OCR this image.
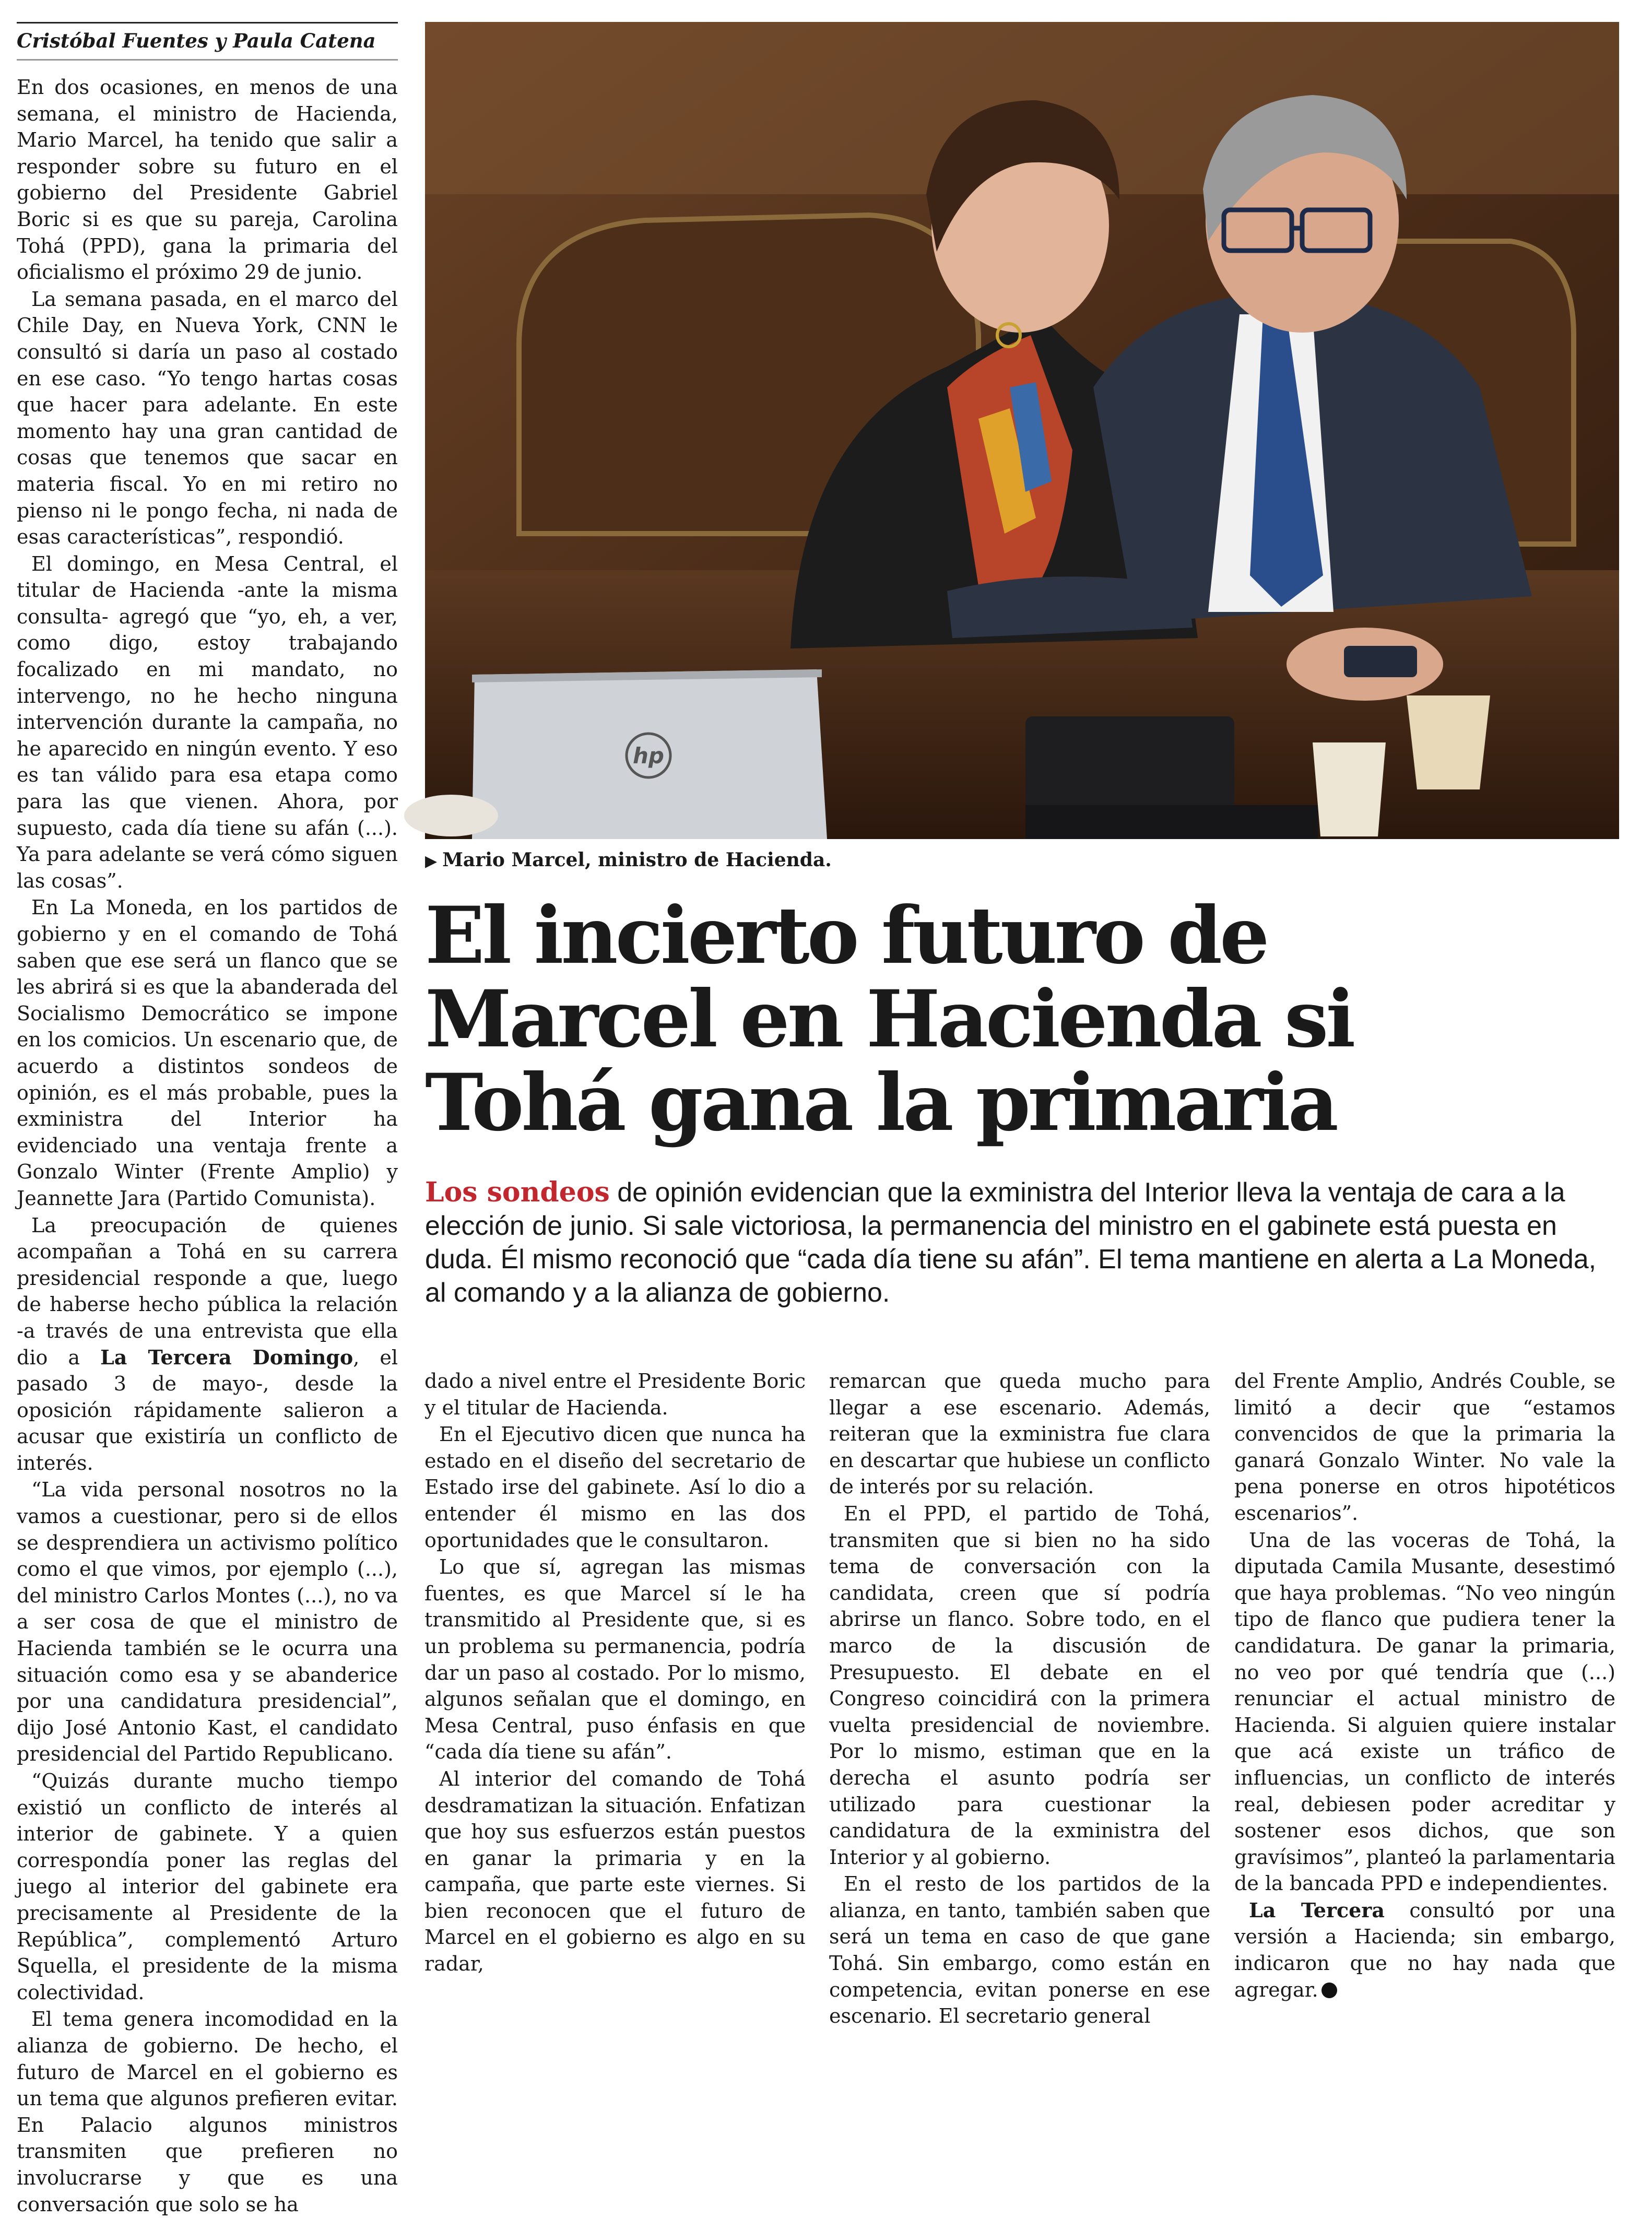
Cristóbal Fuentes y Paula Catena

En dos ocasiones, en menos de una semana, el ministro de Hacienda, Mario Marcel, ha tenido que salir a responder sobre su futuro en el gobierno del Presidente Gabriel Boric si es que su pareja, Carolina Tohá (PPD), gana la primaria del oficialismo el próximo 29 de junio.

La semana pasada, en el marco del Chile Day, en Nueva York, CNN le consultó si daría un paso al costado en ese caso. “Yo tengo hartas cosas que hacer para adelante. En este momento hay una gran cantidad de cosas que tenemos que sacar en materia fiscal. Yo en mi retiro no pienso ni le pongo fecha, ni nada de esas características”, respondió.

El domingo, en Mesa Central, el titular de Hacienda -ante la misma consulta- agregó que “yo, eh, a ver, como digo, estoy trabajando focalizado en mi mandato, no intervengo, no he hecho ninguna intervención durante la campaña, no he aparecido en ningún evento. Y eso es tan válido para esa etapa como para las que vienen. Ahora, por supuesto, cada día tiene su afán (...). Ya para adelante se verá cómo siguen las cosas”.

En La Moneda, en los partidos de gobierno y en el comando de Tohá saben que ese será un flanco que se les abrirá si es que la abanderada del Socialismo Democrático se impone en los comicios. Un escenario que, de acuerdo a distintos sondeos de opinión, es el más probable, pues la exministra del Interior ha evidenciado una ventaja frente a Gonzalo Winter (Frente Amplio) y Jeannette Jara (Partido Comunista).

La preocupación de quienes acompañan a Tohá en su carrera presidencial responde a que, luego de haberse hecho pública la relación -a través de una entrevista que ella dio a La Tercera Domingo, el pasado 3 de mayo-, desde la oposición rápidamente salieron a acusar que existiría un conflicto de interés.

“La vida personal nosotros no la vamos a cuestionar, pero si de ellos se desprendiera un activismo político como el que vimos, por ejemplo (...), del ministro Carlos Montes (...), no va a ser cosa de que el ministro de Hacienda también se le ocurra una situación como esa y se abanderice por una candidatura presidencial”, dijo José Antonio Kast, el candidato presidencial del Partido Republicano.

“Quizás durante mucho tiempo existió un conflicto de interés al interior de gabinete. Y a quien correspondía poner las reglas del juego al interior del gabinete era precisamente al Presidente de la República”, complementó Arturo Squella, el presidente de la misma colectividad.

El tema genera incomodidad en la alianza de gobierno. De hecho, el futuro de Marcel en el gobierno es un tema que algunos prefieren evitar. En Palacio algunos ministros transmiten que prefieren no involucrarse y que es una conversación que solo se ha

hp
▶ Mario Marcel, ministro de Hacienda.
El incierto futuro de
Marcel en Hacienda si
Tohá gana la primaria
Los sondeos de opinión evidencian que la exministra del Interior lleva la ventaja de cara a la elección de junio. Si sale victoriosa, la permanencia del ministro en el gabinete está puesta en duda. Él mismo reconoció que “cada día tiene su afán”. El tema mantiene en alerta a La Moneda, al comando y a la alianza de gobierno.

dado a nivel entre el Presidente Boric y el titular de Hacienda.

En el Ejecutivo dicen que nunca ha estado en el diseño del secretario de Estado irse del gabinete. Así lo dio a entender él mismo en las dos oportunidades que le consultaron.

Lo que sí, agregan las mismas fuentes, es que Marcel sí le ha transmitido al Presidente que, si es un problema su permanencia, podría dar un paso al costado. Por lo mismo, algunos señalan que el domingo, en Mesa Central, puso énfasis en que “cada día tiene su afán”.

Al interior del comando de Tohá desdramatizan la situación. Enfatizan que hoy sus esfuerzos están puestos en ganar la primaria y en la campaña, que parte este viernes. Si bien reconocen que el futuro de Marcel en el gobierno es algo en su radar,

remarcan que queda mucho para llegar a ese escenario. Además, reiteran que la exministra fue clara en descartar que hubiese un conflicto de interés por su relación.

En el PPD, el partido de Tohá, transmiten que si bien no ha sido tema de conversación con la candidata, creen que sí podría abrirse un flanco. Sobre todo, en el marco de la discusión de Presupuesto. El debate en el Congreso coincidirá con la primera vuelta presidencial de noviembre. Por lo mismo, estiman que en la derecha el asunto podría ser utilizado para cuestionar la candidatura de la exministra del Interior y al gobierno.

En el resto de los partidos de la alianza, en tanto, también saben que será un tema en caso de que gane Tohá. Sin embargo, como están en competencia, evitan ponerse en ese escenario. El secretario general

del Frente Amplio, Andrés Couble, se limitó a decir que “estamos convencidos de que la primaria la ganará Gonzalo Winter. No vale la pena ponerse en otros hipotéticos escenarios”.

Una de las voceras de Tohá, la diputada Camila Musante, desestimó que haya problemas. “No veo ningún tipo de flanco que pudiera tener la candidatura. De ganar la primaria, no veo por qué tendría que (...) renunciar el actual ministro de Hacienda. Si alguien quiere instalar que acá existe un tráfico de influencias, un conflicto de interés real, debiesen poder acreditar y sostener esos dichos, que son gravísimos”, planteó la parlamentaria de la bancada PPD e independientes.

La Tercera consultó por una versión a Hacienda; sin embargo, indicaron que no hay nada que agregar.
